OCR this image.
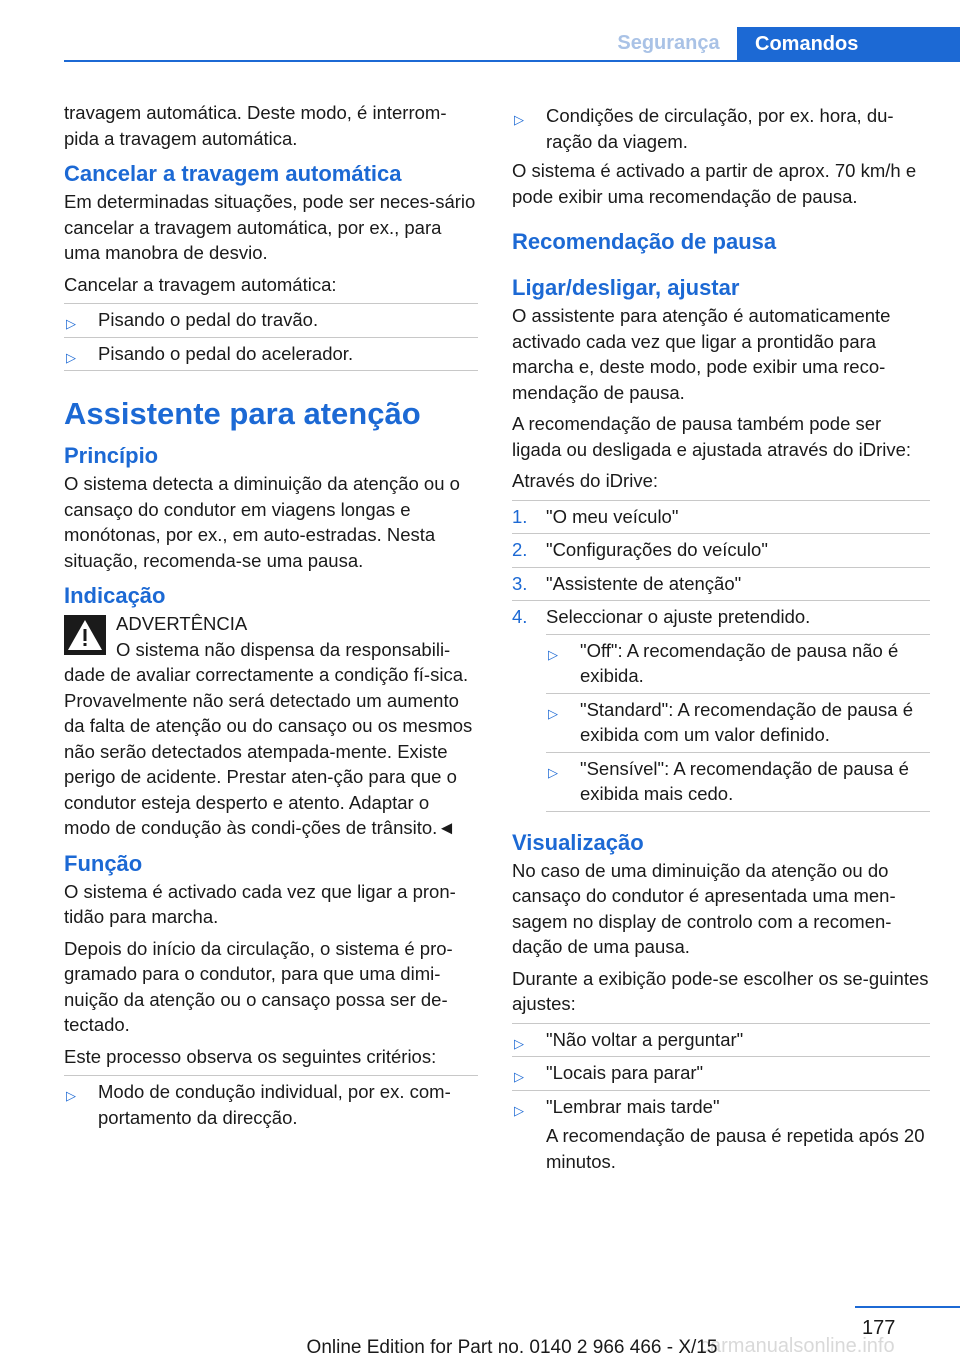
Segurança	Comandos

travagem automática. Deste modo, é interrom‐pida a travagem automática.

Cancelar a travagem automática

Em determinadas situações, pode ser neces‐sário cancelar a travagem automática, por ex., para uma manobra de desvio.

Cancelar a travagem automática:

▷ Pisando o pedal do travão.
▷ Pisando o pedal do acelerador.
Assistente para atenção
Princípio

O sistema detecta a diminuição da atenção ou o cansaço do condutor em viagens longas e monótonas, por ex., em auto-estradas. Nesta situação, recomenda-se uma pausa.

Indicação

ADVERTÊNCIA

O sistema não dispensa da responsabili‐dade de avaliar correctamente a condição fí‐sica. Provavelmente não será detectado um aumento da falta de atenção ou do cansaço ou os mesmos não serão detectados atempada‐mente. Existe perigo de acidente. Prestar aten‐ção para que o condutor esteja desperto e atento. Adaptar o modo de condução às condi‐ções de trânsito.◄

Função

O sistema é activado cada vez que ligar a pron‐tidão para marcha.

Depois do início da circulação, o sistema é pro‐gramado para o condutor, para que uma dimi‐nuição da atenção ou o cansaço possa ser de‐tectado.

Este processo observa os seguintes critérios:

▷ Modo de condução individual, por ex. com‐portamento da direcção.
▷ Condições de circulação, por ex. hora, du‐ração da viagem.

O sistema é activado a partir de aprox. 70 km/h e pode exibir uma recomendação de pausa.

Recomendação de pausa
Ligar/desligar, ajustar

O assistente para atenção é automaticamente activado cada vez que ligar a prontidão para marcha e, deste modo, pode exibir uma reco‐mendação de pausa.

A recomendação de pausa também pode ser ligada ou desligada e ajustada através do iDrive:

Através do iDrive:

1. "O meu veículo"
2. "Configurações do veículo"
3. "Assistente de atenção"
4. Seleccionar o ajuste pretendido.
▷ "Off": A recomendação de pausa não é exibida.
▷ "Standard": A recomendação de pausa é exibida com um valor definido.
▷ "Sensível": A recomendação de pausa é exibida mais cedo.
Visualização

No caso de uma diminuição da atenção ou do cansaço do condutor é apresentada uma men‐sagem no display de controlo com a recomen‐dação de uma pausa.

Durante a exibição pode-se escolher os se‐guintes ajustes:

▷ "Não voltar a perguntar"
▷ "Locais para parar"
▷ "Lembrar mais tarde"
A recomendação de pausa é repetida após 20 minutos.
177
carmanualsonline.info
Online Edition for Part no. 0140 2 966 466 - X/15
